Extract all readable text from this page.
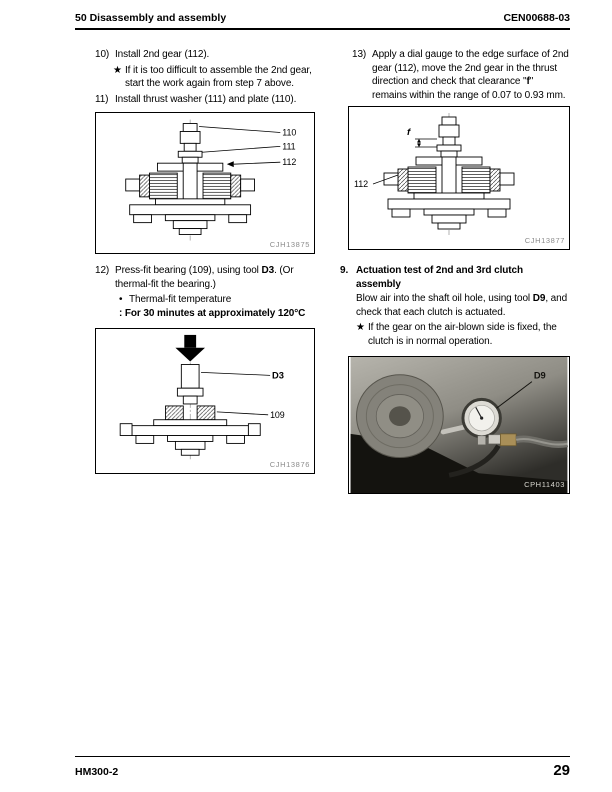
50 Disassembly and assembly	CEN00688-03
10) Install 2nd gear (112).
★ If it is too difficult to assemble the 2nd gear, start the work again from step 7 above.
11) Install thrust washer (111) and plate (110).
110
111
112
CJH13875
12) Press-fit bearing (109), using tool D3. (Or thermal-fit the bearing.)
• Thermal-fit temperature
: For 30 minutes at approximately 120°C
D3
109
CJH13876
13) Apply a dial gauge to the edge surface of 2nd gear (112), move the 2nd gear in the thrust direction and check that clearance "f" remains within the range of 0.07 to 0.93 mm.
f
112
CJH13877
9. Actuation test of 2nd and 3rd clutch assembly
Blow air into the shaft oil hole, using tool D9, and check that each clutch is actuated.
★ If the gear on the air-blown side is fixed, the clutch is in normal operation.
D9
CPH11403
HM300-2	29
